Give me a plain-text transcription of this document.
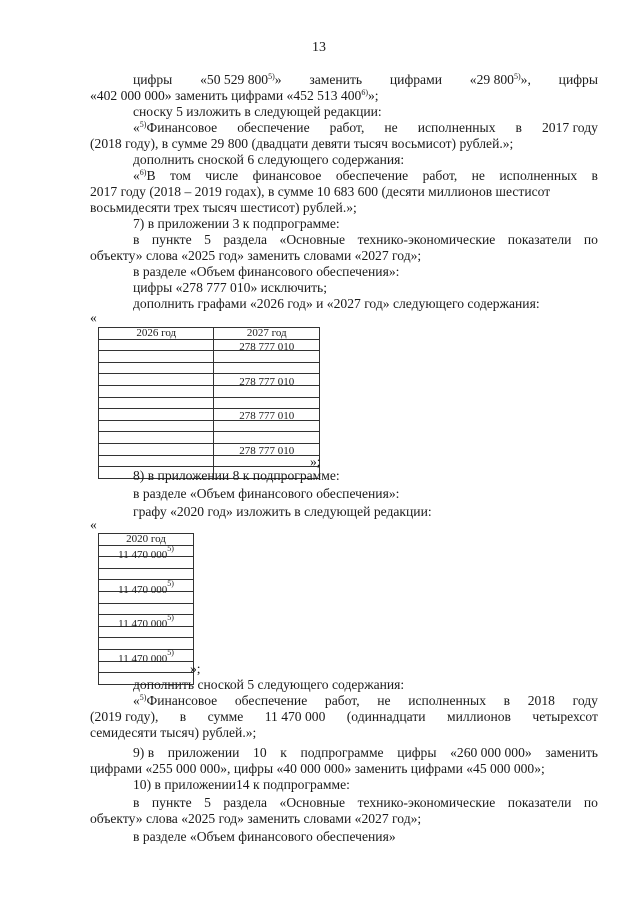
13
цифры «50 529 800$^{5)}$» заменить цифрами «29 800$^{5)}$», цифры
«402 000 000» заменить цифрами «452 513 400$^{6)}$»;
сноску 5 изложить в следующей редакции:
«$^{5)}$Финансовое обеспечение работ, не исполненных в 2017 году
(2018 году), в сумме 29 800 (двадцати девяти тысяч восьмисот) рублей.»;
дополнить сноской 6 следующего содержания:
«$^{6)}$В том числе финансовое обеспечение работ, не исполненных в
2017 году (2018 – 2019 годах), в сумме 10 683 600 (десяти миллионов шестисот
восьмидесяти трех тысяч шестисот) рублей.»;
7) в приложении 3 к подпрограмме:
в пункте 5 раздела «Основные технико-экономические показатели по
объекту» слова «2025 год» заменить словами «2027 год»;
в разделе «Объем финансового обеспечения»:
цифры «278 777 010» исключить;
дополнить графами «2026 год» и «2027 год» следующего содержания:
«
2026 год	2027 год
	278 777 010

	278 777 010

	278 777 010

	278 777 010

»;
8) в приложении 8 к подпрограмме:
в разделе «Объем финансового обеспечения»:
графу «2020 год» изложить в следующей редакции:
«
2020 год
11 470 000$^{5)}$

11 470 000$^{5)}$

11 470 000$^{5)}$

11 470 000$^{5)}$

»;
дополнить сноской 5 следующего содержания:
«$^{5)}$Финансовое обеспечение работ, не исполненных в 2018 году
(2019 году), в сумме 11 470 000 (одиннадцати миллионов четырехсот
семидесяти тысяч) рублей.»;
9) в приложении 10 к подпрограмме цифры «260 000 000» заменить
цифрами «255 000 000», цифры «40 000 000» заменить цифрами «45 000 000»;
10) в приложении14 к подпрограмме:
в пункте 5 раздела «Основные технико-экономические показатели по
объекту» слова «2025 год» заменить словами «2027 год»;
в разделе «Объем финансового обеспечения»
